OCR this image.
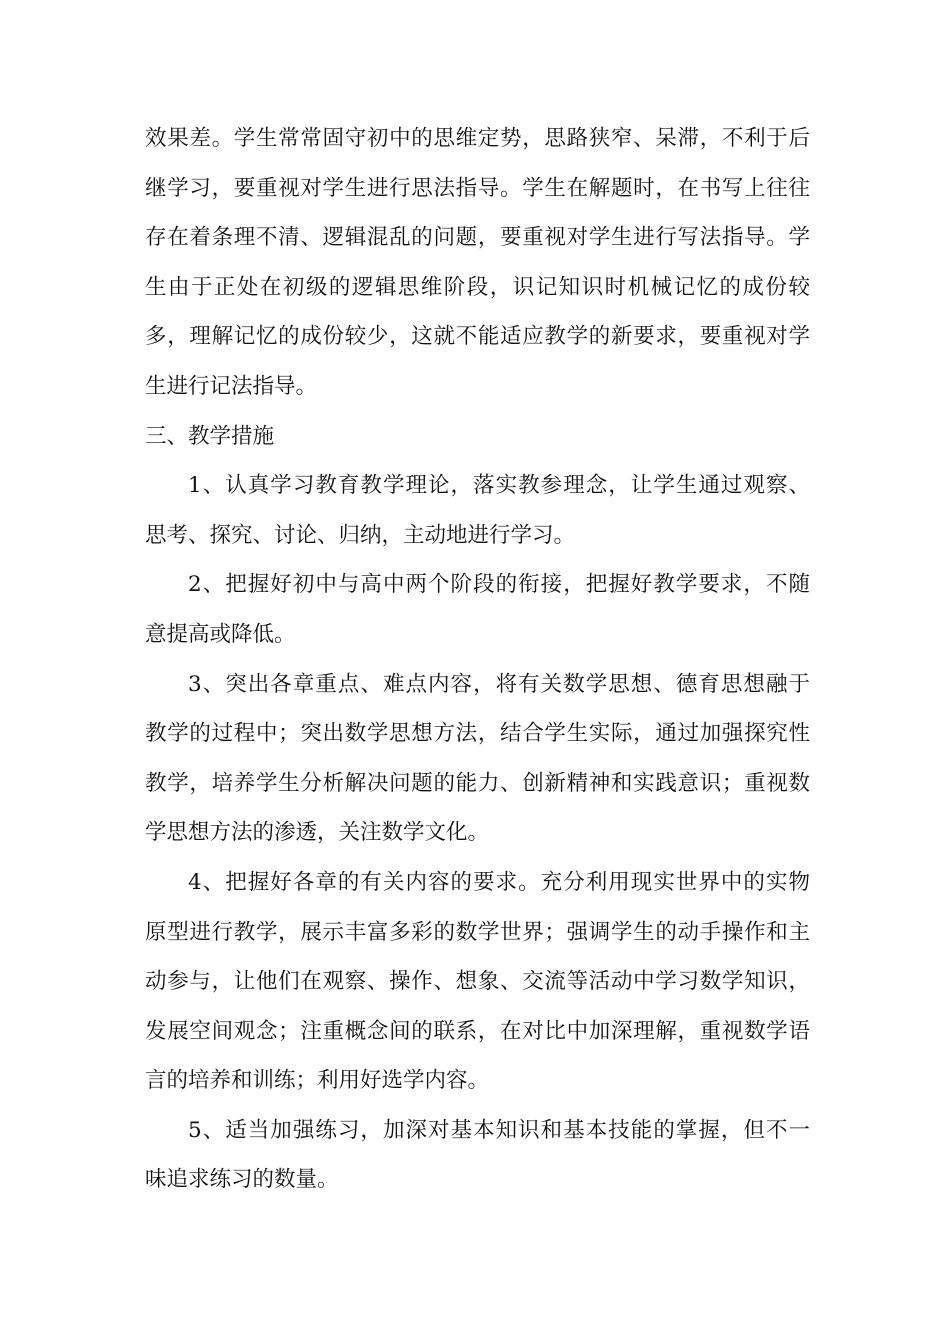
效果差。学生常常固守初中的思维定势，思路狭窄、呆滞，不利于后
继学习，要重视对学生进行思法指导。学生在解题时，在书写上往往
存在着条理不清、逻辑混乱的问题，要重视对学生进行写法指导。学
生由于正处在初级的逻辑思维阶段，识记知识时机械记忆的成份较
多，理解记忆的成份较少，这就不能适应教学的新要求，要重视对学
生进行记法指导。

三、教学措施

1、认真学习教育教学理论，落实教参理念，让学生通过观察、
思考、探究、讨论、归纳，主动地进行学习。

2、把握好初中与高中两个阶段的衔接，把握好教学要求，不随
意提高或降低。

3、突出各章重点、难点内容，将有关数学思想、德育思想融于
教学的过程中；突出数学思想方法，结合学生实际，通过加强探究性
教学，培养学生分析解决问题的能力、创新精神和实践意识；重视数
学思想方法的渗透，关注数学文化。

4、把握好各章的有关内容的要求。充分利用现实世界中的实物
原型进行教学，展示丰富多彩的数学世界；强调学生的动手操作和主
动参与，让他们在观察、操作、想象、交流等活动中学习数学知识，
发展空间观念；注重概念间的联系，在对比中加深理解，重视数学语
言的培养和训练；利用好选学内容。

5、适当加强练习，加深对基本知识和基本技能的掌握，但不一
味追求练习的数量。
